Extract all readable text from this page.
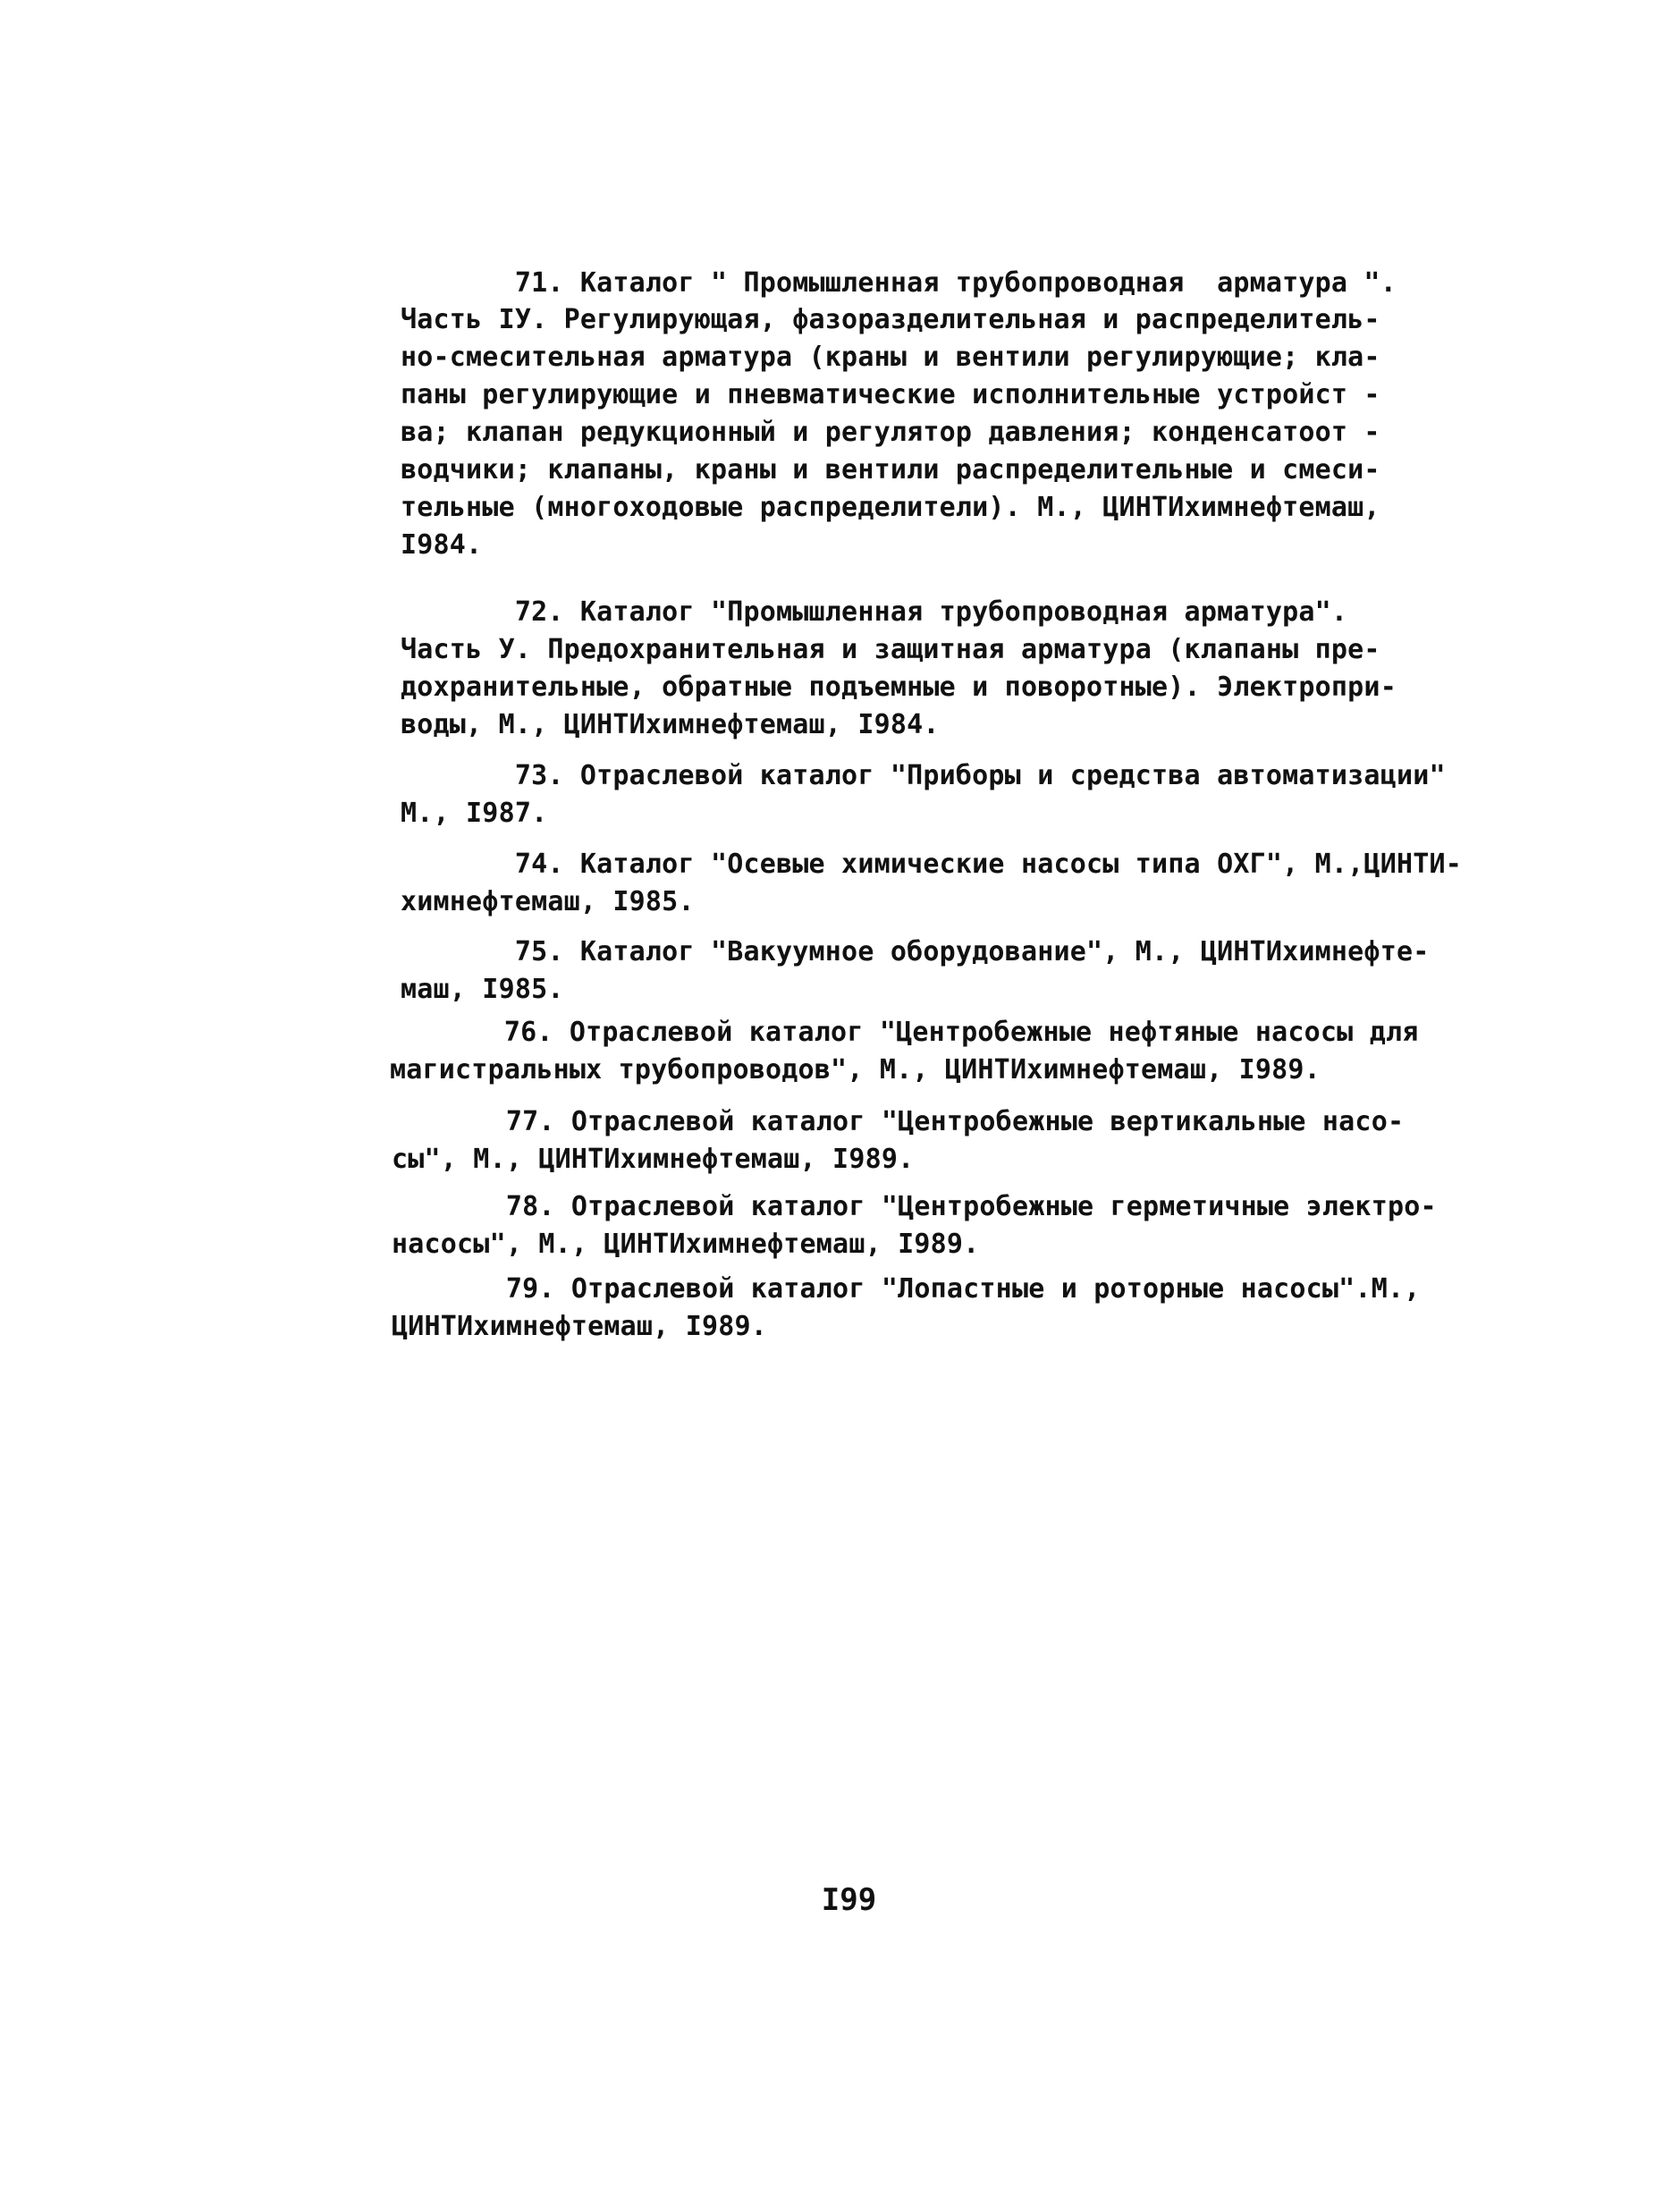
71. Каталог " Промышленная трубопроводная  арматура ".
Часть IУ. Регулирующая, фазоразделительная и распределитель-
но-смесительная арматура (краны и вентили регулирующие; кла-
паны регулирующие и пневматические исполнительные устройст -
ва; клапан редукционный и регулятор давления; конденсатоот -
водчики; клапаны, краны и вентили распределительные и смеси-
тельные (многоходовые распределители). М., ЦИНТИхимнефтемаш,
I984.
72. Каталог "Промышленная трубопроводная арматура".
Часть У. Предохранительная и защитная арматура (клапаны пре-
дохранительные, обратные подъемные и поворотные). Электропри-
воды, М., ЦИНТИхимнефтемаш, I984.
73. Отраслевой каталог "Приборы и средства автоматизации"
М., I987.
74. Каталог "Осевые химические насосы типа ОХГ", М.,ЦИНТИ-
химнефтемаш, I985.
75. Каталог "Вакуумное оборудование", М., ЦИНТИхимнефте-
маш, I985.
76. Отраслевой каталог "Центробежные нефтяные насосы для
магистральных трубопроводов", М., ЦИНТИхимнефтемаш, I989.
77. Отраслевой каталог "Центробежные вертикальные насо-
сы", М., ЦИНТИхимнефтемаш, I989.
78. Отраслевой каталог "Центробежные герметичные электро-
насосы", М., ЦИНТИхимнефтемаш, I989.
79. Отраслевой каталог "Лопастные и роторные насосы".М.,
ЦИНТИхимнефтемаш, I989.
I99
